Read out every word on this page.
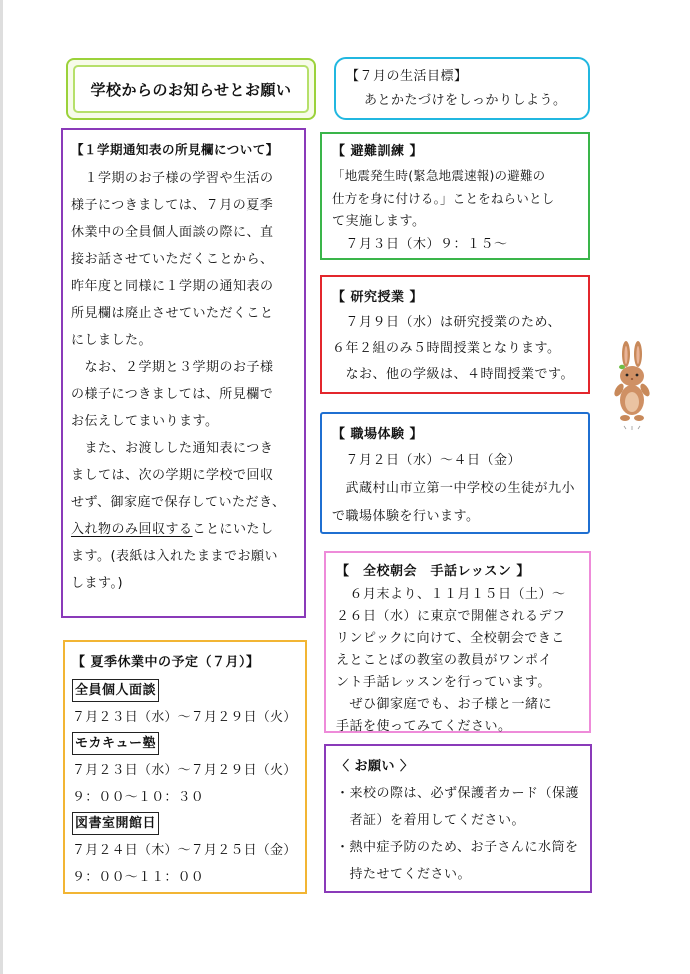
学校からのお知らせとお願い
【７月の生活目標】
あとかたづけをしっかりしよう。
【１学期通知表の所見欄について】
　１学期のお子様の学習や生活の
様子につきましては、７月の夏季
休業中の全員個人面談の際に、直
接お話させていただくことから、
昨年度と同様に１学期の通知表の
所見欄は廃止させていただくこと
にしました。
　なお、２学期と３学期のお子様
の様子につきましては、所見欄で
お伝えしてまいります。
　また、お渡しした通知表につき
ましては、次の学期に学校で回収
せず、御家庭で保存していただき、
入れ物のみ回収することにいたし
ます。(表紙は入れたままでお願い
します。)
【 避難訓練 】
「地震発生時(緊急地震速報)の避難の
仕方を身に付ける。」ことをねらいとし
て実施します。
　７月３日（木）９：１５～
【 研究授業 】
　７月９日（水）は研究授業のため、
６年２組のみ５時間授業となります。
　なお、他の学級は、４時間授業です。
【 職場体験 】
　７月２日（水）～４日（金）
　武蔵村山市立第一中学校の生徒が九小
で職場体験を行います。
【　全校朝会　手話レッスン 】
　６月末より、１１月１５日（土）～
２６日（水）に東京で開催されるデフ
リンピックに向けて、全校朝会できこ
えとことばの教室の教員がワンポイ
ント手話レッスンを行っています。
　ぜひ御家庭でも、お子様と一緒に
手話を使ってみてください。
【 夏季休業中の予定（７月）】
全員個人面談
７月２３日（水）～７月２９日（火）
モカキュー塾
７月２３日（水）～７月２９日（火）
９：００～１０：３０
図書室開館日
７月２４日（木）～７月２５日（金）
９：００～１１：００
〈 お願い 〉
・来校の際は、必ず保護者カード（保護
　者証）を着用してください。
・熱中症予防のため、お子さんに水筒を
　持たせてください。
